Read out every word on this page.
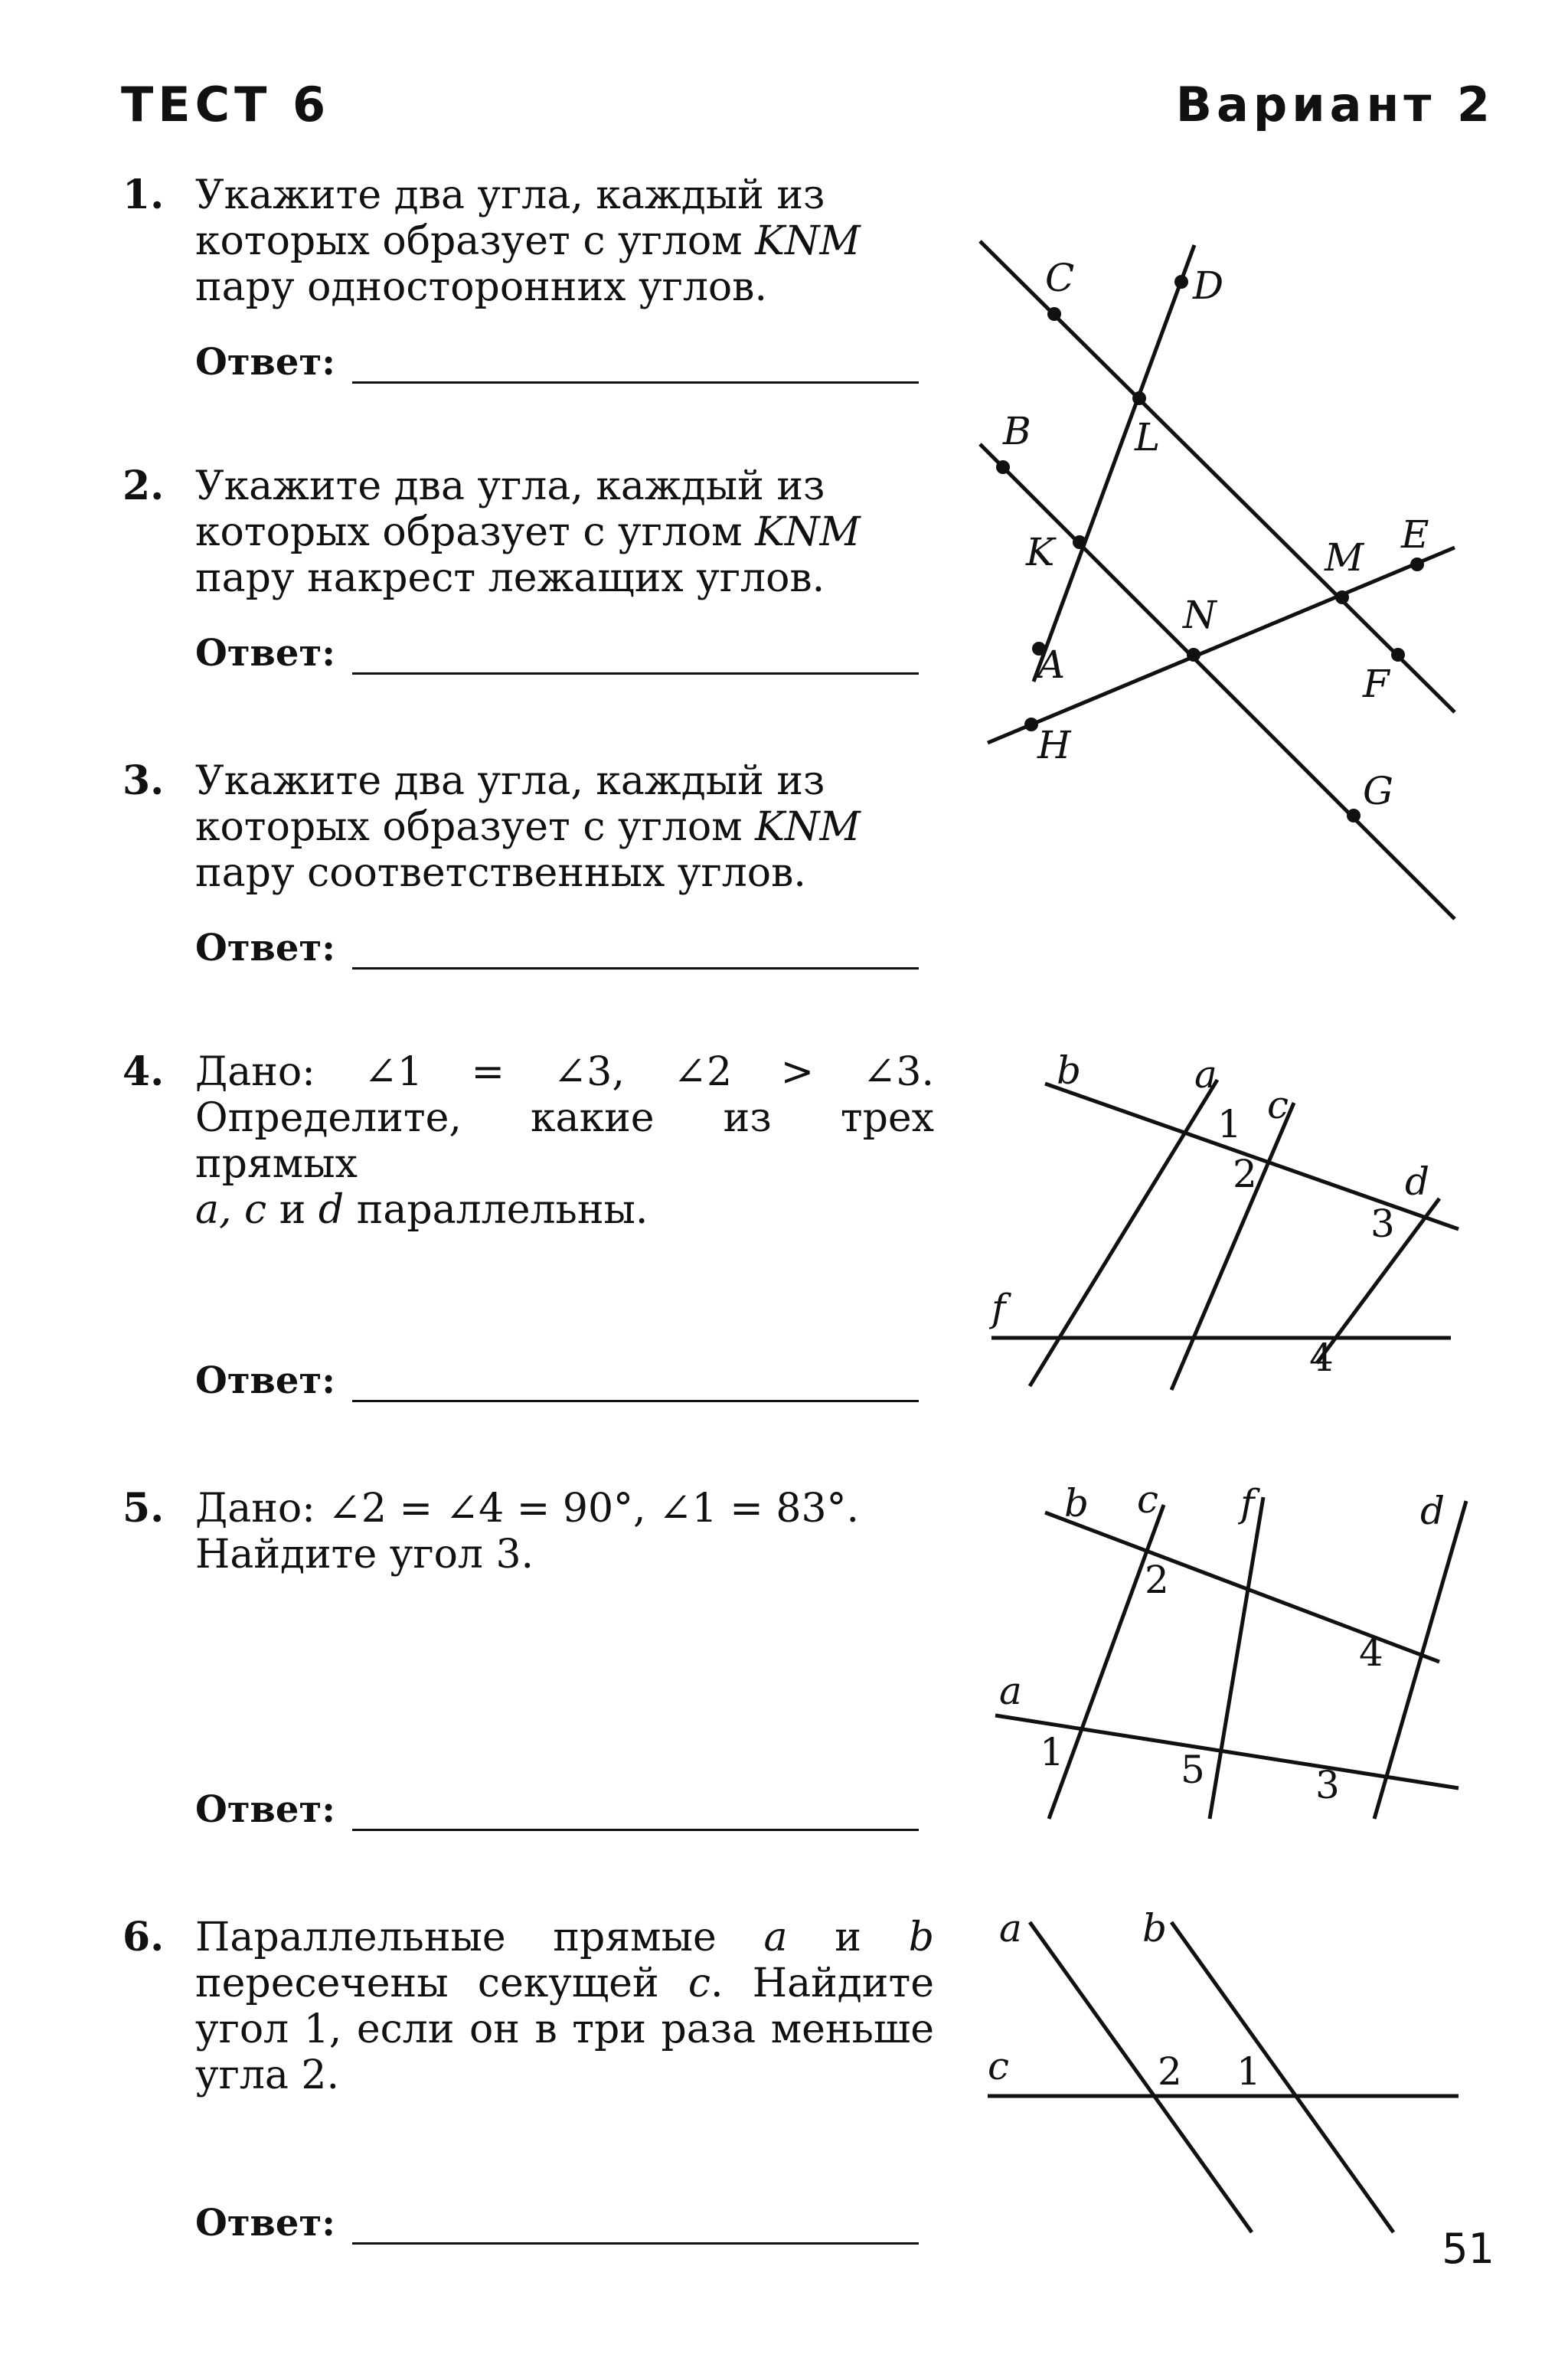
ТЕСТ 6	Вариант 2
1. Укажите два угла, каждый из
которых образует с углом KNM
пару односторонних углов.
Ответ:
2. Укажите два угла, каждый из
которых образует с углом KNM
пару накрест лежащих углов.
Ответ:
3. Укажите два угла, каждый из
которых образует с углом KNM
пару соответственных углов.
Ответ:
4. Дано: ∠1 = ∠3, ∠2 > ∠3. Определите, какие из трех прямых
a, c и d параллельны.
Ответ:
5. Дано: ∠2 = ∠4 = 90°, ∠1 = 83°.
Найдите угол 3.
Ответ:
6. Параллельные прямые a и b пересечены секущей c. Найдите угол 1, если он в три раза меньше угла 2.
Ответ:
C	D
L
B
K	M
E
N
A	F
H
G
b	a
1 c
2	d
3
f
4
b c f	d
2
4
a
1	5	3
a	b
c	2 1
51
